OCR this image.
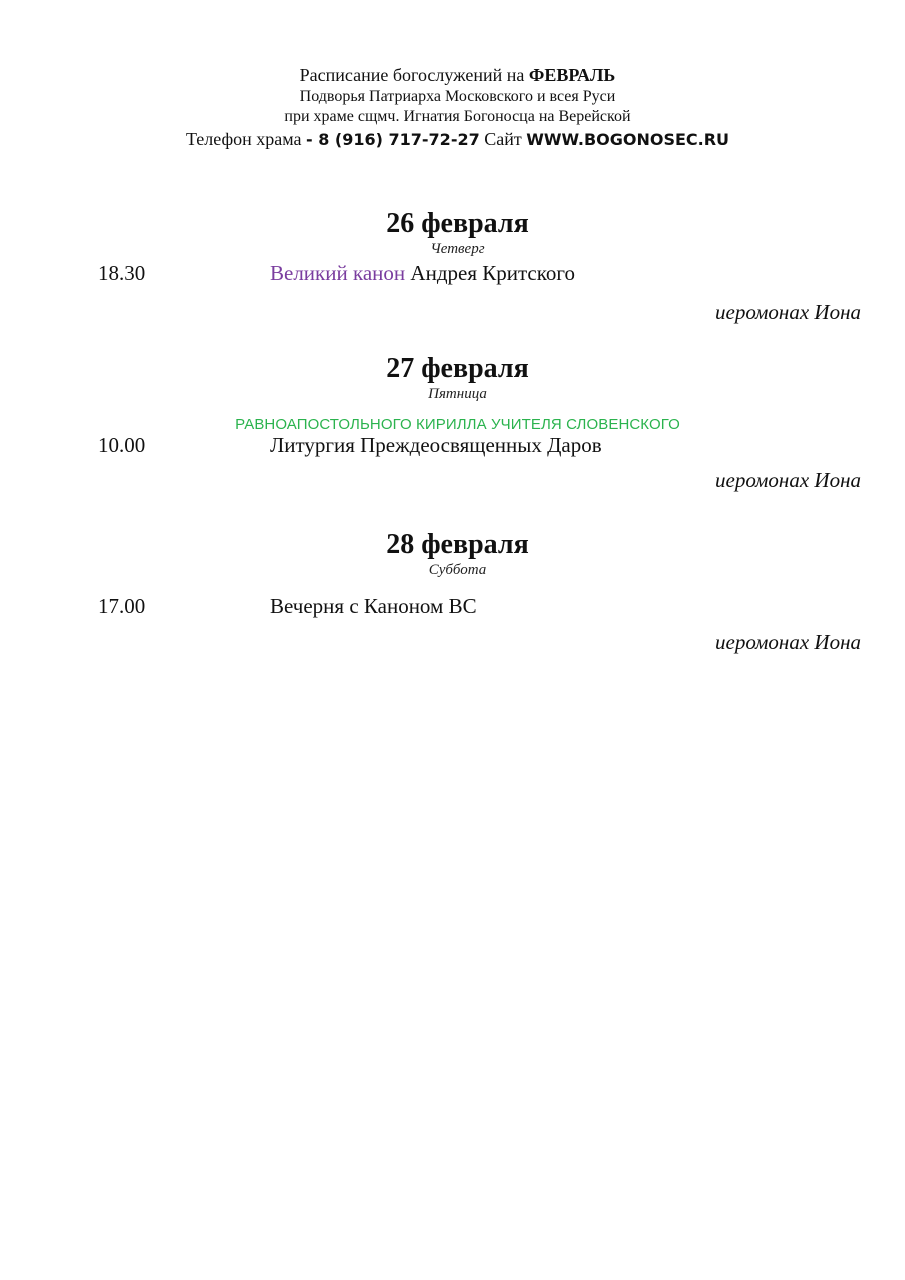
Расписание богослужений на ФЕВРАЛЬ
Подворья Патриарха Московского и всея Руси
при храме сщмч. Игнатия Богоносца на Верейской
Телефон храма - 8 (916) 717-72-27 Сайт WWW.BOGONOSEC.RU
26 февраля
Четверг
18.30	Великий канон Андрея Критского
иеромонах Иона
27 февраля
Пятница
РАВНОАПОСТОЛЬНОГО КИРИЛЛА УЧИТЕЛЯ СЛОВЕНСКОГО
10.00	Литургия Преждеосвященных Даров
иеромонах Иона
28 февраля
Суббота
17.00	Вечерня с Каноном ВС
иеромонах Иона
